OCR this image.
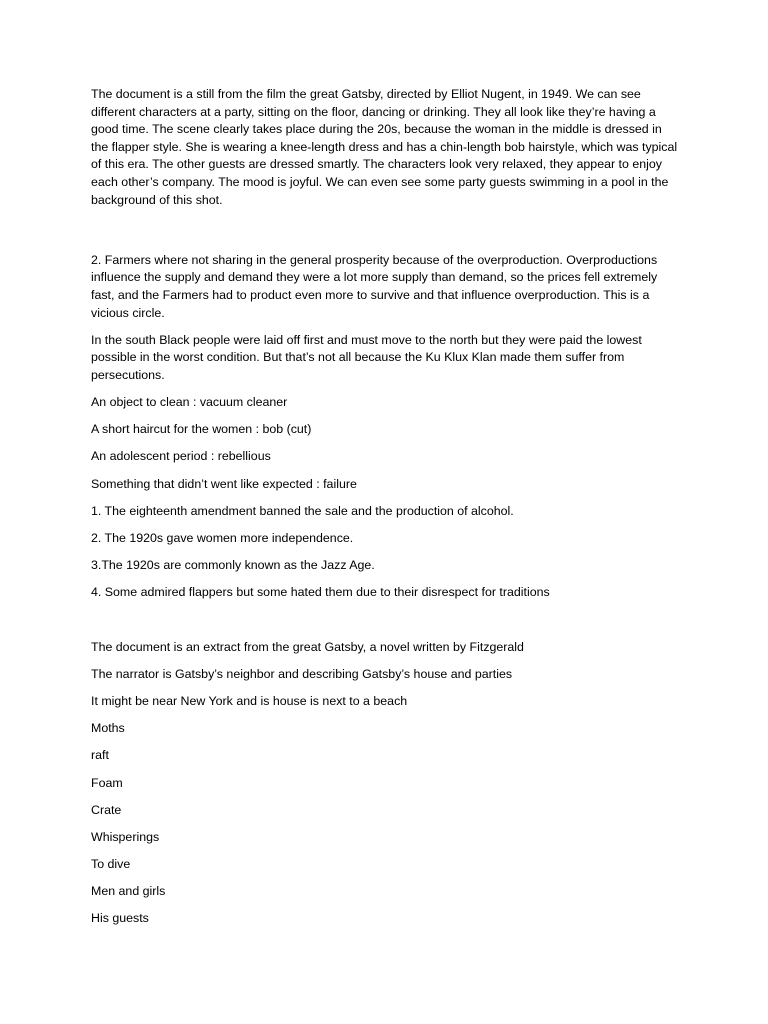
The document is a still from the film the great Gatsby, directed by Elliot Nugent, in 1949. We can see different characters at a party, sitting on the floor, dancing or drinking. They all look like they’re having a good time. The scene clearly takes place during the 20s, because the woman in the middle is dressed in the flapper style. She is wearing a knee-length dress and has a chin-length bob hairstyle, which was typical of this era. The other guests are dressed smartly. The characters look very relaxed, they appear to enjoy each other’s company. The mood is joyful. We can even see some party guests swimming in a pool in the background of this shot.

2. Farmers where not sharing in the general prosperity because of the overproduction. Overproductions influence the supply and demand they were a lot more supply than demand, so the prices fell extremely fast, and the Farmers had to product even more to survive and that influence overproduction. This is a vicious circle.

In the south Black people were laid off first and must move to the north but they were paid the lowest possible in the worst condition. But that’s not all because the Ku Klux Klan made them suffer from persecutions.

An object to clean : vacuum cleaner

A short haircut for the women : bob (cut)

An adolescent period : rebellious

Something that didn’t went like expected : failure

1. The eighteenth amendment banned the sale and the production of alcohol.

2. The 1920s gave women more independence.

3.The 1920s are commonly known as the Jazz Age.

4. Some admired flappers but some hated them due to their disrespect for traditions

The document is an extract from the great Gatsby, a novel written by Fitzgerald

The narrator is Gatsby’s neighbor and describing Gatsby’s house and parties

It might be near New York and is house is next to a beach

Moths

raft

Foam

Crate

Whisperings

To dive

Men and girls

His guests
